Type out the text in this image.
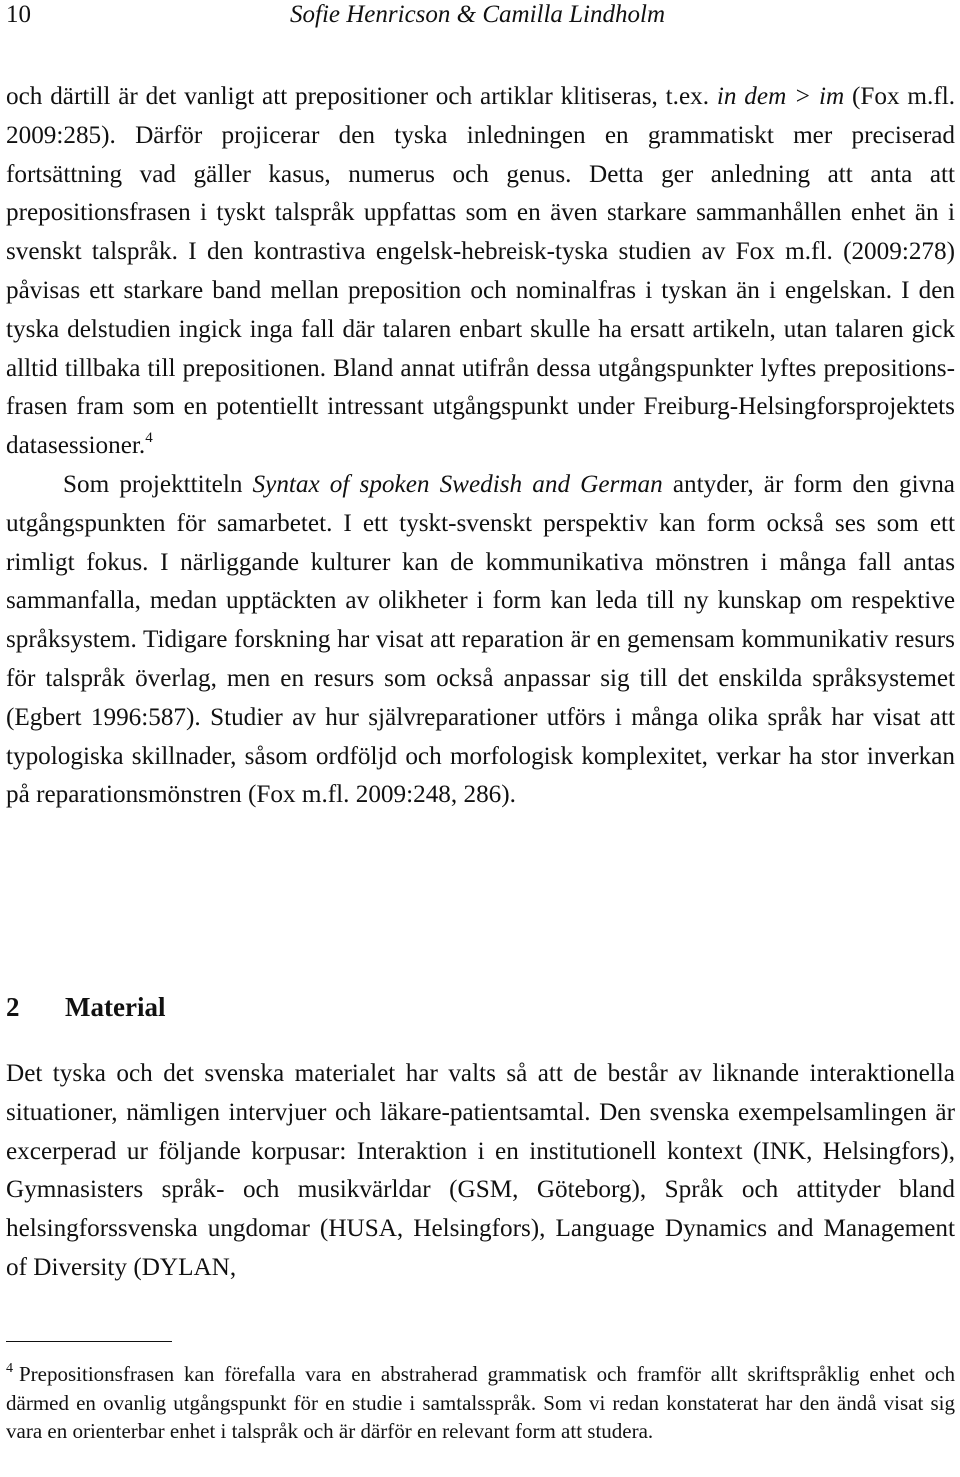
10	Sofie Henricson & Camilla Lindholm

och därtill är det vanligt att prepositioner och artiklar klitiseras, t.ex. in dem > im (Fox m.fl. 2009:285). Därför projicerar den tyska inledningen en grammatiskt mer preciserad fortsättning vad gäller kasus, numerus och genus. Detta ger anledning att anta att prepositionsfrasen i tyskt talspråk uppfattas som en även starkare sammanhållen enhet än i svenskt talspråk. I den kontrastiva engelsk-hebreisk-tyska studien av Fox m.fl. (2009:278) påvisas ett starkare band mellan preposition och nominalfras i tyskan än i engelskan. I den tyska delstudien ingick inga fall där talaren enbart skulle ha ersatt artikeln, utan talaren gick alltid tillbaka till prepositionen. Bland annat utifrån dessa utgångspunkter lyftes prepositionsfrasen fram som en potentiellt intressant utgångspunkt under Freiburg-Helsingforsprojektets datasessioner.$^4$

Som projekttiteln Syntax of spoken Swedish and German antyder, är form den givna utgångspunkten för samarbetet. I ett tyskt-svenskt perspektiv kan form också ses som ett rimligt fokus. I närliggande kulturer kan de kommunikativa mönstren i många fall antas sammanfalla, medan upptäckten av olikheter i form kan leda till ny kunskap om respektive språksystem. Tidigare forskning har visat att reparation är en gemensam kommunikativ resurs för talspråk överlag, men en resurs som också anpassar sig till det enskilda språksystemet (Egbert 1996:587). Studier av hur självreparationer utförs i många olika språk har visat att typologiska skillnader, såsom ordföljd och morfologisk komplexitet, verkar ha stor inverkan på reparationsmönstren (Fox m.fl. 2009:248, 286).

2 Material

Det tyska och det svenska materialet har valts så att de består av liknande interaktionella situationer, nämligen intervjuer och läkare-patientsamtal. Den svenska exempelsamlingen är excerperad ur följande korpusar: Interaktion i en institutionell kontext (INK, Helsingfors), Gymnasisters språk- och musikvärldar (GSM, Göteborg), Språk och attityder bland helsingforssvenska ungdomar (HUSA, Helsingfors), Language Dynamics and Management of Diversity (DYLAN,

$^4$ Prepositionsfrasen kan förefalla vara en abstraherad grammatisk och framför allt skriftspråklig enhet och därmed en ovanlig utgångspunkt för en studie i samtalsspråk. Som vi redan konstaterat har den ändå visat sig vara en orienterbar enhet i talspråk och är därför en relevant form att studera.
